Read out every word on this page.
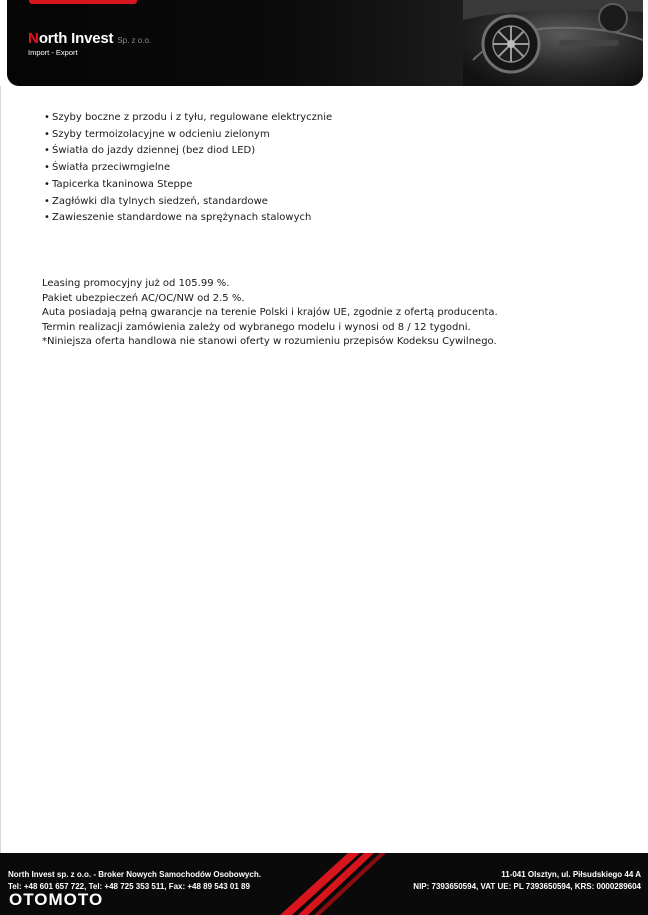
N orth Invest Sp. z o.o.
Import - Export
• Szyby boczne z przodu i z tyłu, regulowane elektrycznie
• Szyby termoizolacyjne w odcieniu zielonym
• Światła do jazdy dziennej (bez diod LED)
• Światła przeciwmgielne
• Tapicerka tkaninowa Steppe
• Zagłówki dla tylnych siedzeń, standardowe
• Zawieszenie standardowe na sprężynach stalowych

Leasing promocyjny już od 105.99 %.

Pakiet ubezpieczeń AC/OC/NW od 2.5 %.

Auta posiadają pełną gwarancje na terenie Polski i krajów UE, zgodnie z ofertą producenta.

Termin realizacji zamówienia zależy od wybranego modelu i wynosi od 8 / 12 tygodni.

*Niniejsza oferta handlowa nie stanowi oferty w rozumieniu przepisów Kodeksu Cywilnego.

North Invest sp. z o.o. - Broker Nowych Samochodów Osobowych.
Tel: +48 601 657 722, Tel: +48 725 353 511, Fax: +48 89 543 01 89
11-041 Olsztyn, ul. Piłsudskiego 44 A
NIP: 7393650594, VAT UE: PL 7393650594, KRS: 0000289604
OTOMOTO
